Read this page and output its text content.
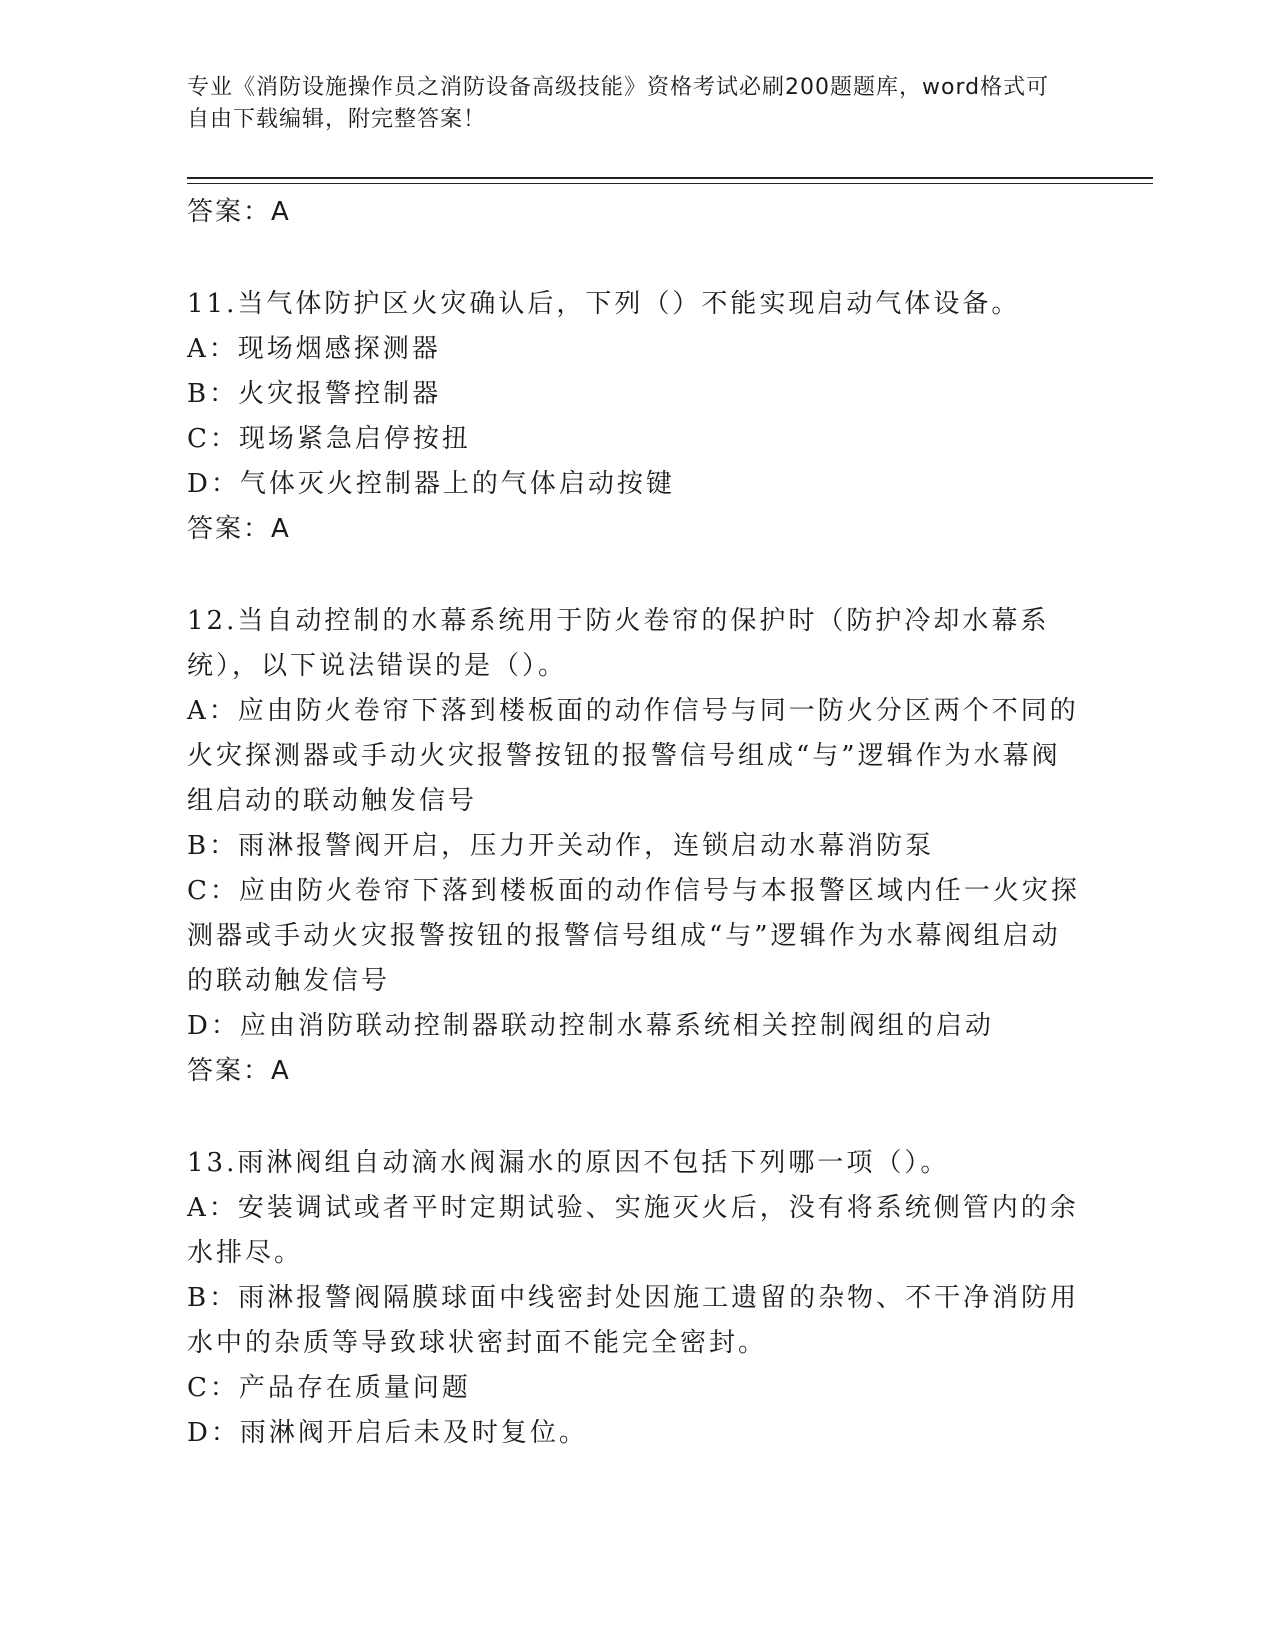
专业《消防设施操作员之消防设备高级技能》资格考试必刷200题题库，word格式可自由下载编辑，附完整答案！

答案：A

11.当气体防护区火灾确认后，下列（）不能实现启动气体设备。

A：现场烟感探测器

B：火灾报警控制器

C：现场紧急启停按扭

D：气体灭火控制器上的气体启动按键

答案：A

12.当自动控制的水幕系统用于防火卷帘的保护时（防护冷却水幕系统），以下说法错误的是（）。

A：应由防火卷帘下落到楼板面的动作信号与同一防火分区两个不同的火灾探测器或手动火灾报警按钮的报警信号组成“与”逻辑作为水幕阀组启动的联动触发信号

B：雨淋报警阀开启，压力开关动作，连锁启动水幕消防泵

C：应由防火卷帘下落到楼板面的动作信号与本报警区域内任一火灾探测器或手动火灾报警按钮的报警信号组成“与”逻辑作为水幕阀组启动的联动触发信号

D：应由消防联动控制器联动控制水幕系统相关控制阀组的启动

答案：A

13.雨淋阀组自动滴水阀漏水的原因不包括下列哪一项（）。

A：安装调试或者平时定期试验、实施灭火后，没有将系统侧管内的余水排尽。

B：雨淋报警阀隔膜球面中线密封处因施工遗留的杂物、不干净消防用水中的杂质等导致球状密封面不能完全密封。

C：产品存在质量问题

D：雨淋阀开启后未及时复位。
